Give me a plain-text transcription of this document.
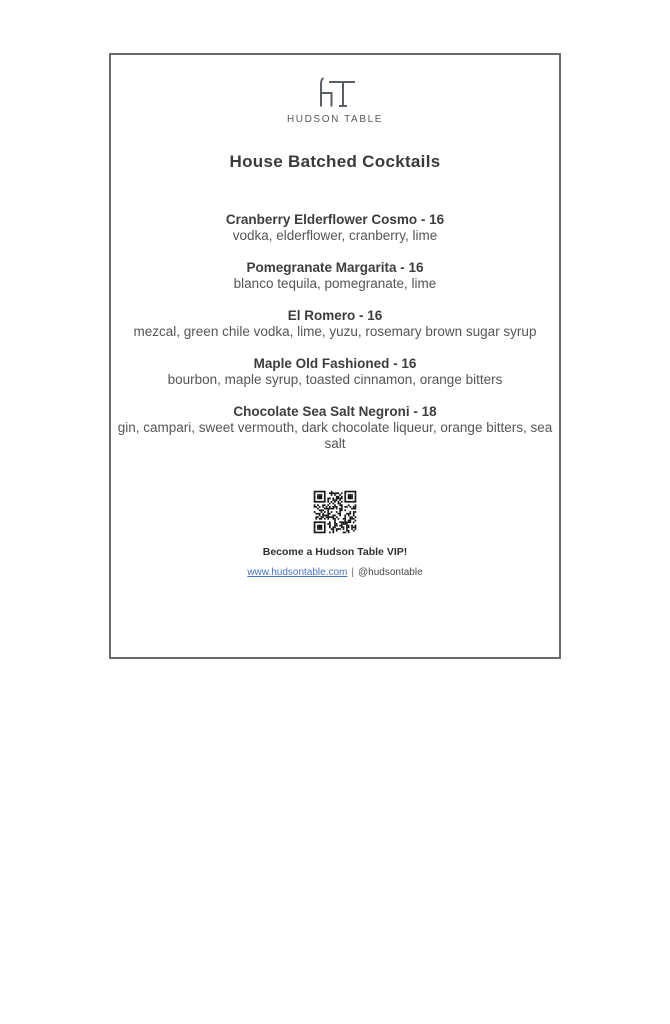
HUDSON TABLE
House Batched Cocktails
Cranberry Elderflower Cosmo - 16
vodka, elderflower, cranberry, lime
Pomegranate Margarita - 16
blanco tequila, pomegranate, lime
El Romero - 16
mezcal, green chile vodka, lime, yuzu, rosemary brown sugar syrup
Maple Old Fashioned - 16
bourbon, maple syrup, toasted cinnamon, orange bitters
Chocolate Sea Salt Negroni - 18
gin, campari, sweet vermouth, dark chocolate liqueur, orange bitters, sea salt
Become a Hudson Table VIP!
www.hudsontable.com | @hudsontable
